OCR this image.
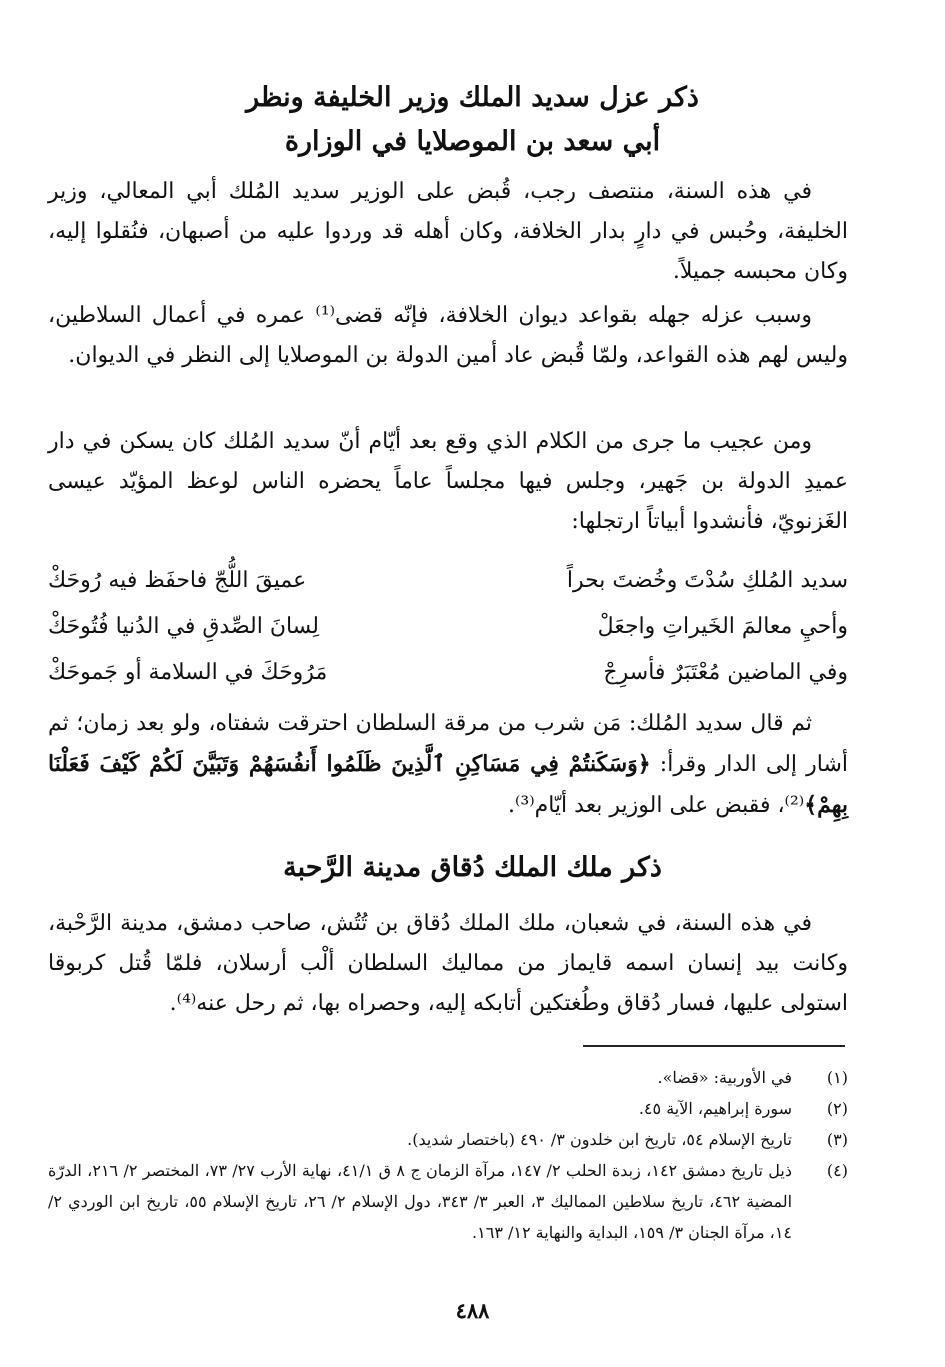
ذكر عزل سديد الملك وزير الخليفة ونظر
أبي سعد بن الموصلايا في الوزارة

في هذه السنة، منتصف رجب، قُبض على الوزير سديد المُلك أبي المعالي، وزير الخليفة، وحُبس في دارٍ بدار الخلافة، وكان أهله قد وردوا عليه من أصبهان، فنُقلوا إليه، وكان محبسه جميلاً.

وسبب عزله جهله بقواعد ديوان الخلافة، فإنّه قضى⁽¹⁾ عمره في أعمال السلاطين، وليس لهم هذه القواعد، ولمّا قُبض عاد أمين الدولة بن الموصلايا إلى النظر في الديوان.

ومن عجيب ما جرى من الكلام الذي وقع بعد أيّام أنّ سديد المُلك كان يسكن في دار عميدِ الدولة بن جَهير، وجلس فيها مجلساً عاماً يحضره الناس لوعظ المؤيّد عيسى الغَزنويّ، فأنشدوا أبياتاً ارتجلها:

سديد المُلكِ سُدْتَ وخُضتَ بحراً
عميقَ اللُّجّ فاحفَظ فيه رُوحَكْ
وأحيِ معالمَ الخَيراتِ واجعَلْ
لِسانَ الصِّدقِ في الدُنيا فُتُوحَكْ
وفي الماضين مُعْتَبَرٌ فأسرِجْ
مَرُوحَكَ في السلامة أو جَموحَكْ

ثم قال سديد المُلك: مَن شرب من مرقة السلطان احترقت شفتاه، ولو بعد زمان؛ ثم أشار إلى الدار وقرأ: ﴿وَسَكَنتُمْ فِي مَسَاكِنِ ٱلَّذِينَ ظَلَمُوا أَنفُسَهُمْ وَتَبَيَّنَ لَكُمْ كَيْفَ فَعَلْنَا بِهِمْ﴾⁽²⁾، فقبض على الوزير بعد أيّام⁽³⁾.

ذكر ملك الملك دُقاق مدينة الرَّحبة

في هذه السنة، في شعبان، ملك الملك دُقاق بن تُتُش، صاحب دمشق، مدينة الرَّحْبة، وكانت بيد إنسان اسمه قايماز من مماليك السلطان ألْب أرسلان، فلمّا قُتل كربوقا استولى عليها، فسار دُقاق وطُغتكين أتابكه إليه، وحصراه بها، ثم رحل عنه⁽⁴⁾.

(١)
في الأوربية: «قضا».
(٢)
سورة إبراهيم، الآية ٤٥.
(٣)
تاريخ الإسلام ٥٤، تاريخ ابن خلدون ٣/ ٤٩٠ (باختصار شديد).
(٤)
ذيل تاريخ دمشق ١٤٢، زبدة الحلب ٢/ ١٤٧، مرآة الزمان ج ٨ ق ٤١/١، نهاية الأرب ٢٧/ ٧٣، المختصر ٢/ ٢١٦، الدرّة المضية ٤٦٢، تاريخ سلاطين المماليك ٣، العبر ٣/ ٣٤٣، دول الإسلام ٢/ ٢٦، تاريخ الإسلام ٥٥، تاريخ ابن الوردي ٢/ ١٤، مرآة الجنان ٣/ ١٥٩، البداية والنهاية ١٢/ ١٦٣.
٤٨٨
